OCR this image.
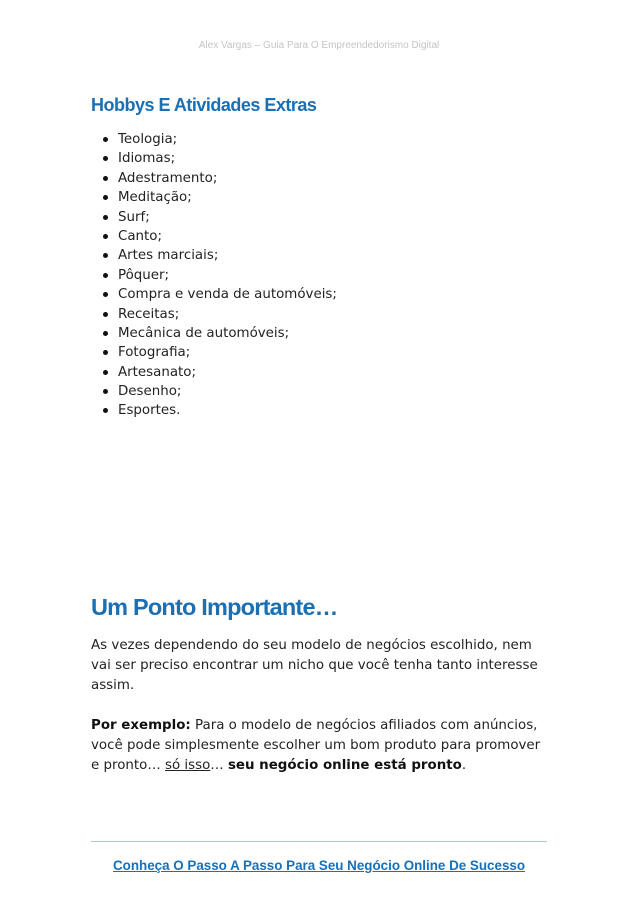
Alex Vargas – Guia Para O Empreendedorismo Digital
Hobbys E Atividades Extras
Teologia;
Idiomas;
Adestramento;
Meditação;
Surf;
Canto;
Artes marciais;
Pôquer;
Compra e venda de automóveis;
Receitas;
Mecânica de automóveis;
Fotografia;
Artesanato;
Desenho;
Esportes.
Um Ponto Importante…

As vezes dependendo do seu modelo de negócios escolhido, nem vai ser preciso encontrar um nicho que você tenha tanto interesse assim.

Por exemplo: Para o modelo de negócios afiliados com anúncios, você pode simplesmente escolher um bom produto para promover e pronto… só isso… seu negócio online está pronto.

Conheça O Passo A Passo Para Seu Negócio Online De Sucesso
